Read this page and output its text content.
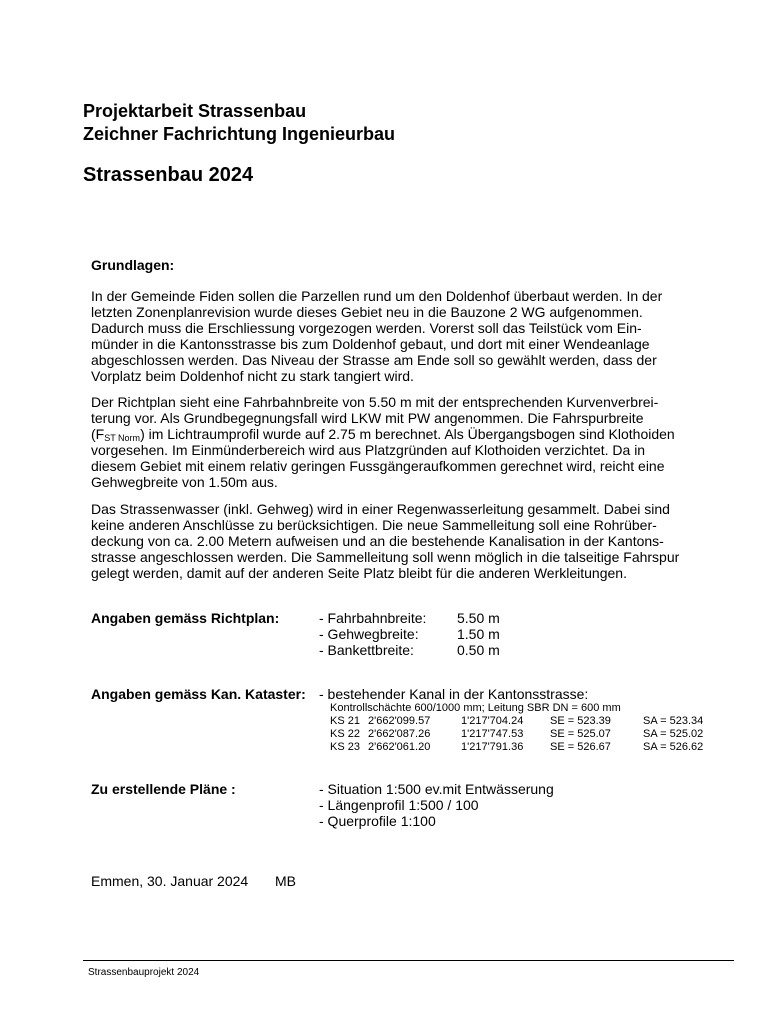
Projektarbeit Strassenbau
Zeichner Fachrichtung Ingenieurbau
Strassenbau 2024
Grundlagen:
In der Gemeinde Fiden sollen die Parzellen rund um den Doldenhof überbaut werden. In der
letzten Zonenplanrevision wurde dieses Gebiet neu in die Bauzone 2 WG aufgenommen.
Dadurch muss die Erschliessung vorgezogen werden. Vorerst soll das Teilstück vom Ein-
münder in die Kantonsstrasse bis zum Doldenhof gebaut, und dort mit einer Wendeanlage
abgeschlossen werden. Das Niveau der Strasse am Ende soll so gewählt werden, dass der
Vorplatz beim Doldenhof nicht zu stark tangiert wird.
Der Richtplan sieht eine Fahrbahnbreite von 5.50 m mit der entsprechenden Kurvenverbrei-
terung vor. Als Grundbegegnungsfall wird LKW mit PW angenommen. Die Fahrspurbreite
$(F_{ST Norm})$ im Lichtraumprofil wurde auf 2.75 m berechnet. Als Übergangsbogen sind Klothoiden
vorgesehen. Im Einmünderbereich wird aus Platzgründen auf Klothoiden verzichtet. Da in
diesem Gebiet mit einem relativ geringen Fussgängeraufkommen gerechnet wird, reicht eine
Gehwegbreite von 1.50m aus.
Das Strassenwasser (inkl. Gehweg) wird in einer Regenwasserleitung gesammelt. Dabei sind
keine anderen Anschlüsse zu berücksichtigen. Die neue Sammelleitung soll eine Rohrüber-
deckung von ca. 2.00 Metern aufweisen und an die bestehende Kanalisation in der Kantons-
strasse angeschlossen werden. Die Sammelleitung soll wenn möglich in die talseitige Fahrspur
gelegt werden, damit auf der anderen Seite Platz bleibt für die anderen Werkleitungen.
Angaben gemäss Richtplan:	- Fahrbahnbreite: 5.50 m
- Gehwegbreite:	1.50 m
- Bankettbreite:	0.50 m
Angaben gemäss Kan. Kataster: - bestehender Kanal in der Kantonsstrasse:
Kontrollschächte 600/1000 mm; Leitung SBR DN = 600 mm
KS 21 2'662'099.57	1'217'704.24 SE = 523.39	SA = 523.34
KS 22 2'662'087.26	1'217'747.53 SE = 525.07	SA = 525.02
KS 23 2'662'061.20	1'217'791.36 SE = 526.67	SA = 526.62
Zu erstellende Pläne :	- Situation 1:500 ev.mit Entwässerung
- Längenprofil 1:500 / 100
- Querprofile 1:100
Emmen, 30. Januar 2024 MB
Strassenbauprojekt 2024
